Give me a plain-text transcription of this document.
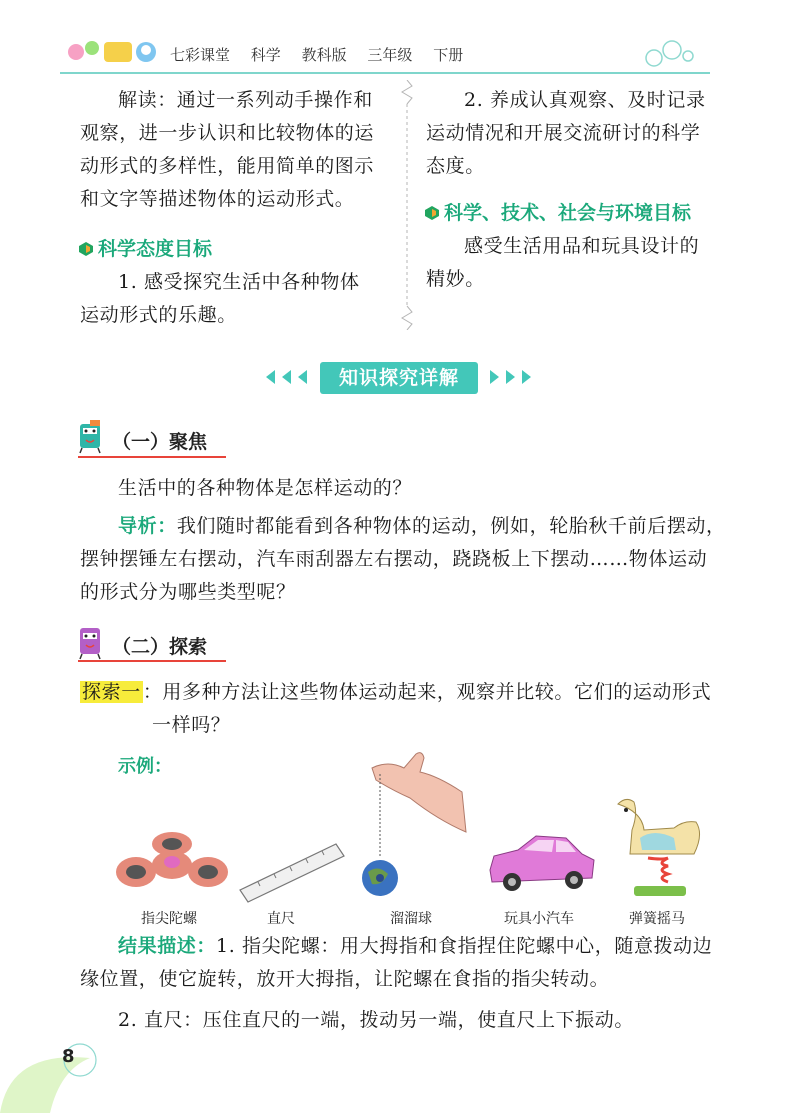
七彩课堂 科学 教科版 三年级 下册
解读：通过一系列动手操作和
观察，进一步认识和比较物体的运
动形式的多样性，能用简单的图示
和文字等描述物体的运动形式。
科学态度目标
1. 感受探究生活中各种物体
运动形式的乐趣。
2. 养成认真观察、及时记录
运动情况和开展交流研讨的科学
态度。
科学、技术、社会与环境目标
感受生活用品和玩具设计的
精妙。
知识探究详解
（一）聚焦
生活中的各种物体是怎样运动的？
导析：我们随时都能看到各种物体的运动，例如，轮胎秋千前后摆动，
摆钟摆锤左右摆动，汽车雨刮器左右摆动，跷跷板上下摆动……物体运动
的形式分为哪些类型呢？
（二）探索
探索一 ：用多种方法让这些物体运动起来，观察并比较。它们的运动形式
一样吗？
示例：
指尖陀螺	直尺	溜溜球	玩具小汽车	弹簧摇马
结果描述：1. 指尖陀螺：用大拇指和食指捏住陀螺中心，随意拨动边
缘位置，使它旋转，放开大拇指，让陀螺在食指的指尖转动。
2. 直尺：压住直尺的一端，拨动另一端，使直尺上下振动。
8
